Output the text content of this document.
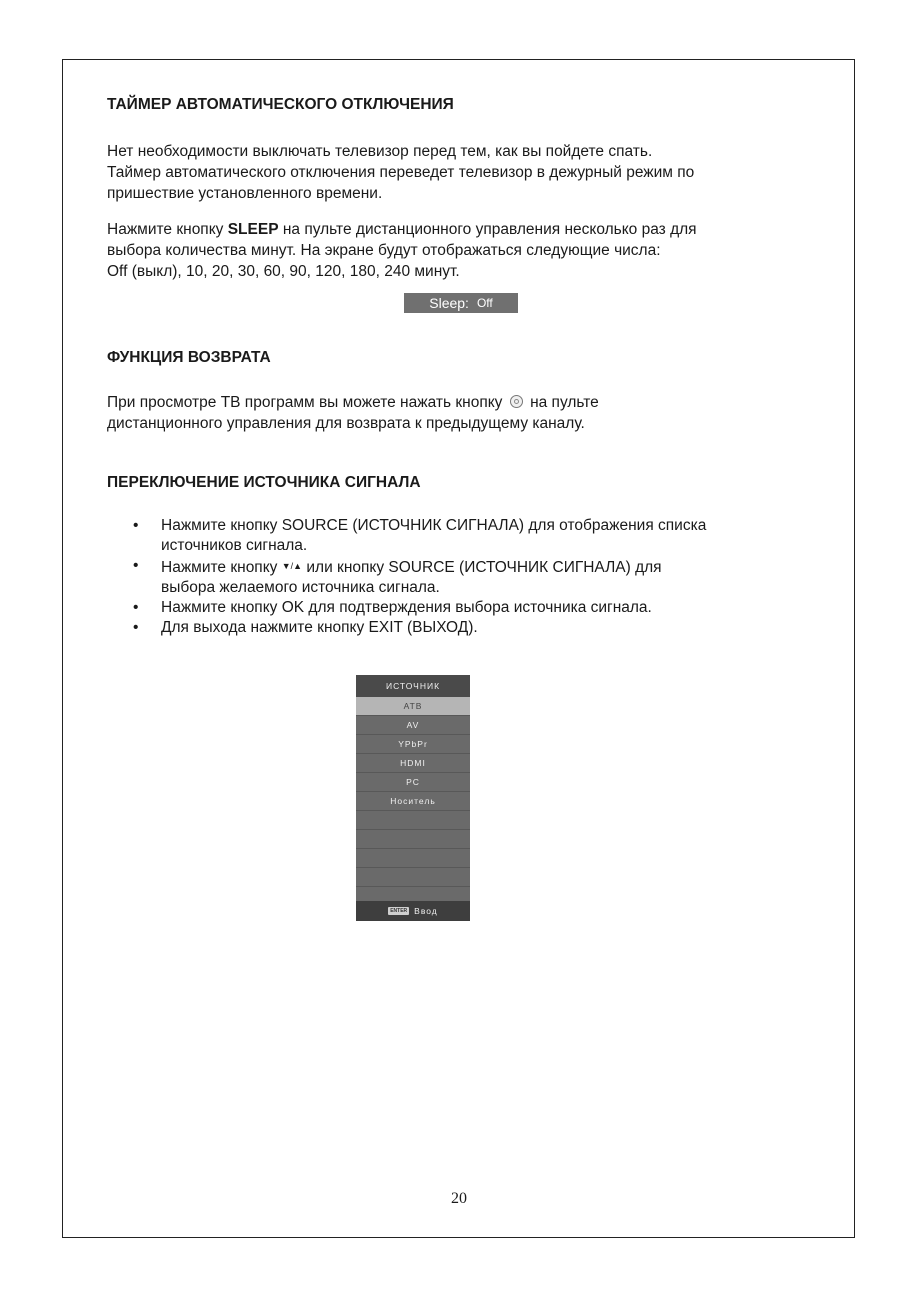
ТАЙМЕР АВТОМАТИЧЕСКОГО ОТКЛЮЧЕНИЯ

Нет необходимости выключать телевизор перед тем, как вы пойдете спать.
Таймер автоматического отключения переведет телевизор в дежурный режим по
пришествие установленного времени.

Нажмите кнопку SLEEP на пульте дистанционного управления несколько раз для
выбора количества минут. На экране будут отображаться следующие числа:
Off (выкл), 10, 20, 30, 60, 90, 120, 180, 240 минут.

Sleep: Off
ФУНКЦИЯ ВОЗВРАТА

При просмотре ТВ программ вы можете нажать кнопку на пульте
дистанционного управления для возврата к предыдущему каналу.

ПЕРЕКЛЮЧЕНИЕ ИСТОЧНИКА СИГНАЛА
• Нажмите кнопку SOURCE (ИСТОЧНИК СИГНАЛА) для отображения списка
источников сигнала.
• Нажмите кнопку ▼/▲ или кнопку SOURCE (ИСТОЧНИК СИГНАЛА) для
выбора желаемого источника сигнала.
• Нажмите кнопку OK для подтверждения выбора источника сигнала.
• Для выхода нажмите кнопку EXIT (ВЫХОД).
ИСТОЧНИК
АТВ
AV
YPbPr
HDMI
PC
Носитель
ENTER Ввод
20
